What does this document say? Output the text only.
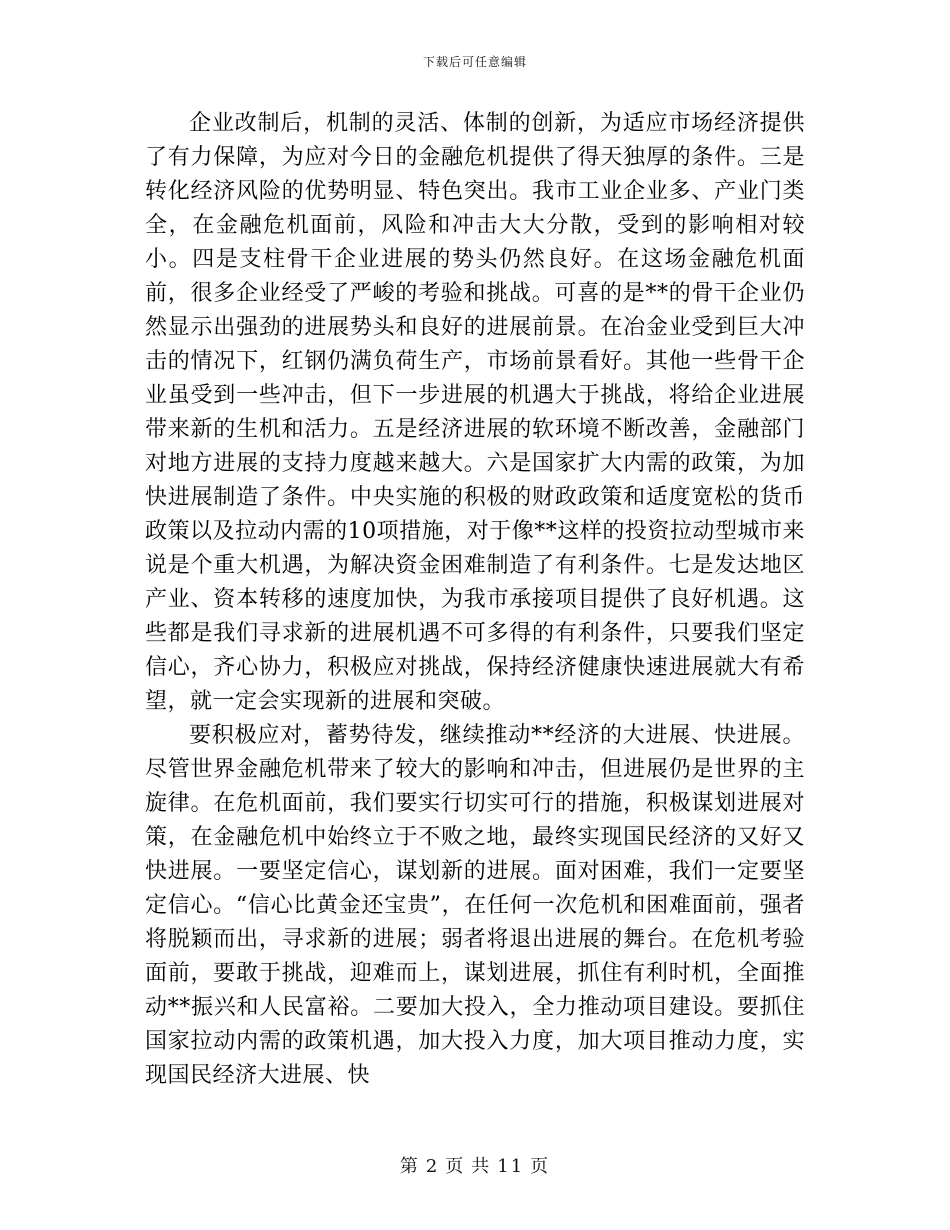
下载后可任意编辑

企业改制后，机制的灵活、体制的创新，为适应市场经济提供了有力保障，为应对今日的金融危机提供了得天独厚的条件。三是转化经济风险的优势明显、特色突出。我市工业企业多、产业门类全，在金融危机面前，风险和冲击大大分散，受到的影响相对较小。四是支柱骨干企业进展的势头仍然良好。在这场金融危机面前，很多企业经受了严峻的考验和挑战。可喜的是**的骨干企业仍然显示出强劲的进展势头和良好的进展前景。在冶金业受到巨大冲击的情况下，红钢仍满负荷生产，市场前景看好。其他一些骨干企业虽受到一些冲击，但下一步进展的机遇大于挑战，将给企业进展带来新的生机和活力。五是经济进展的软环境不断改善，金融部门对地方进展的支持力度越来越大。六是国家扩大内需的政策，为加快进展制造了条件。中央实施的积极的财政政策和适度宽松的货币政策以及拉动内需的10项措施，对于像**这样的投资拉动型城市来说是个重大机遇，为解决资金困难制造了有利条件。七是发达地区产业、资本转移的速度加快，为我市承接项目提供了良好机遇。这些都是我们寻求新的进展机遇不可多得的有利条件，只要我们坚定信心，齐心协力，积极应对挑战，保持经济健康快速进展就大有希望，就一定会实现新的进展和突破。

要积极应对，蓄势待发，继续推动**经济的大进展、快进展。尽管世界金融危机带来了较大的影响和冲击，但进展仍是世界的主旋律。在危机面前，我们要实行切实可行的措施，积极谋划进展对策，在金融危机中始终立于不败之地，最终实现国民经济的又好又快进展。一要坚定信心，谋划新的进展。面对困难，我们一定要坚定信心。“信心比黄金还宝贵”，在任何一次危机和困难面前，强者将脱颖而出，寻求新的进展；弱者将退出进展的舞台。在危机考验面前，要敢于挑战，迎难而上，谋划进展，抓住有利时机，全面推动**振兴和人民富裕。二要加大投入，全力推动项目建设。要抓住国家拉动内需的政策机遇，加大投入力度，加大项目推动力度，实现国民经济大进展、快

第 2 页 共 11 页
